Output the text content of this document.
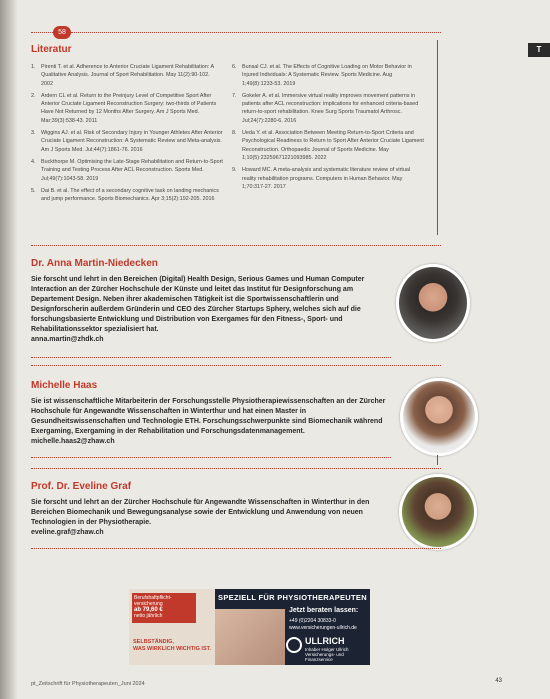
T
58
Literatur
1. Pirenti T. et al. Adherence to Anterior Cruciate Ligament Rehabilitation: A Qualitative Analysis. Journal of Sport Rehabilitation. May 11(2):90-102. 2002
2. Ardern CL et al. Return to the Preinjury Level of Competitive Sport After Anterior Cruciate Ligament Reconstruction Surgery: two-thirds of Patients Have Not Returned by 12 Months After Surgery. Am J Sports Med. Mar;39(3):538-43. 2011
3. Wiggins AJ. et al. Risk of Secondary Injury in Younger Athletes After Anterior Cruciate Ligament Reconstruction: A Systematic Review and Meta-analysis. Am J Sports Med. Jul;44(7):1861-76. 2016
4. Buckthorpe M. Optimising the Late-Stage Rehabilitation and Return-to-Sport Training and Testing Process After ACL Reconstruction. Sports Med. Jul;49(7):1043-58. 2019
5. Dai B. et al. The effect of a secondary cognitive task on landing mechanics and jump performance. Sports Biomechanics. Apr 3;15(2):192-205. 2016
6. Bunsal CJ. et al. The Effects of Cognitive Loading on Motor Behavior in Injured Individuals: A Systematic Review. Sports Medicine. Aug 1;49(8):1233-53. 2019
7. Gokeler A. et al. Immersive virtual reality improves movement patterns in patients after ACL reconstruction: implications for enhanced criteria-based return-to-sport rehabilitation. Knee Surg Sports Traumatol Arthrosc. Jul;24(7):2280-6. 2016
8. Ueda Y. et al. Association Between Meeting Return-to-Sport Criteria and Psychological Readiness to Return to Sport After Anterior Cruciate Ligament Reconstruction. Orthopaedic Journal of Sports Medicine. May 1;10(5):23259671221093985. 2022
9. Howard MC. A meta-analysis and systematic literature review of virtual reality rehabilitation programs. Computers in Human Behavior. May 1;70:317-27. 2017
Dr. Anna Martin-Niedecken

Sie forscht und lehrt in den Bereichen (Digital) Health Design, Serious Games und Human Computer Interaction an der Zürcher Hochschule der Künste und leitet das Institut für Designforschung am Departement Design. Neben ihrer akademischen Tätigkeit ist die Sportwissenschaftlerin und Designforscherin außerdem Gründerin und CEO des Zürcher Startups Sphery, welches sich auf die forschungsbasierte Entwicklung und Distribution von Exergames für den Fitness-, Sport- und Rehabilitationssektor spezialisiert hat.

anna.martin@zhdk.ch

Michelle Haas

Sie ist wissenschaftliche Mitarbeiterin der Forschungsstelle Physiotherapiewissenschaften an der Zürcher Hochschule für Angewandte Wissenschaften in Winterthur und hat einen Master in Gesundheitswissenschaften und Technologie ETH. Forschungsschwerpunkte sind Biomechanik während Exergaming, Exergaming in der Rehabilitation und Forschungsdatenmanagement.

michelle.haas2@zhaw.ch

Prof. Dr. Eveline Graf

Sie forscht und lehrt an der Zürcher Hochschule für Angewandte Wissenschaften in Winterthur in den Bereichen Biomechanik und Bewegungsanalyse sowie der Entwicklung und Anwendung von neuen Technologien in der Physiotherapie.

eveline.graf@zhaw.ch

Berufshaftpflicht-
versicherung
ab 79,60 €
netto jährlich
SELBSTÄNDIG,
WAS WIRKLICH WICHTIG IST.
SPEZIELL FÜR PHYSIOTHERAPEUTEN
Jetzt beraten lassen:
+49 (0)2204 30833-0
www.versicherungen-ullrich.de
ULLRICH
Inhaber Holger Ullrich
Versicherungs- und Finanzservice
pt_Zeitschrift für Physiotherapeuten_Juni 2024	43
